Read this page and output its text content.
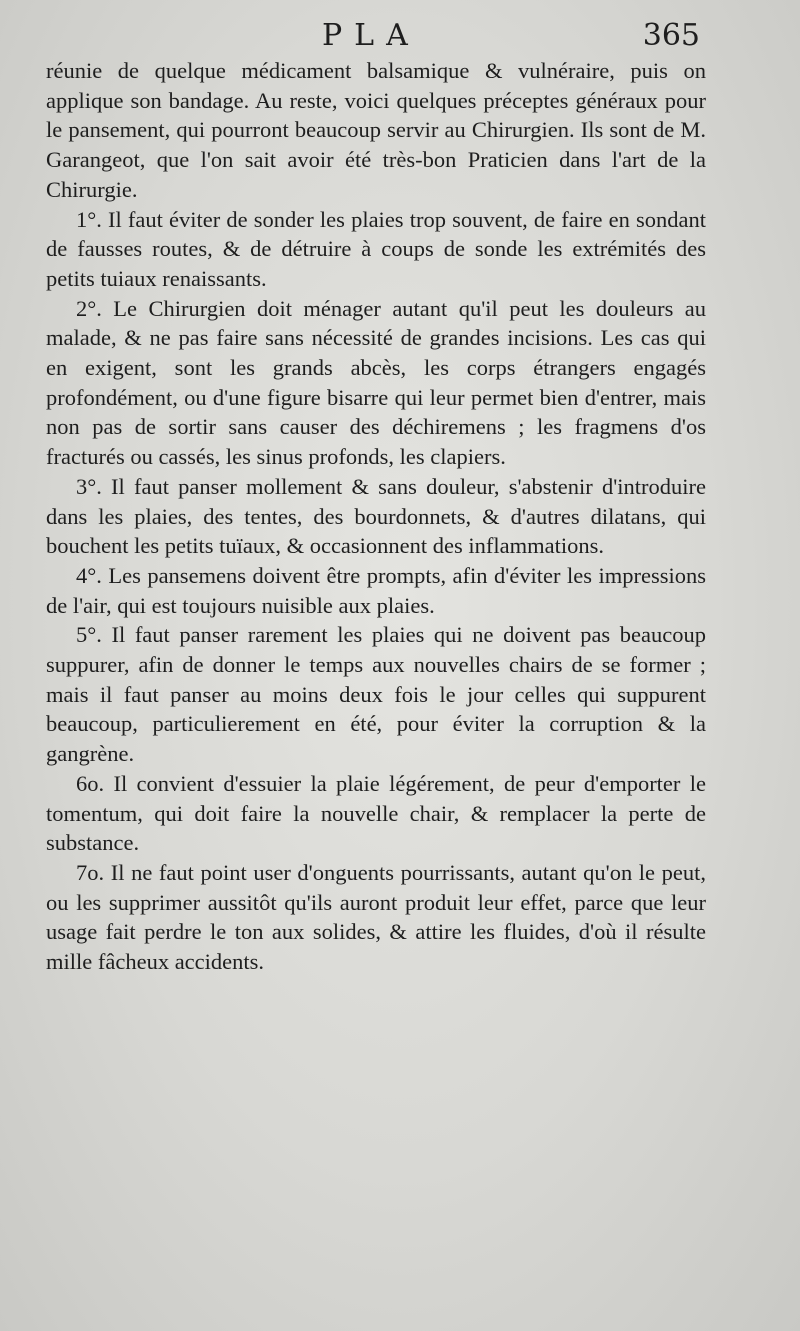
PLA	365

réunie de quelque médicament balsamique & vulnéraire, puis on applique son bandage. Au reste, voici quelques préceptes généraux pour le pansement, qui pourront beaucoup servir au Chirurgien. Ils sont de M. Garangeot, que l'on sait avoir été très-bon Praticien dans l'art de la Chirurgie.

1°. Il faut éviter de sonder les plaies trop souvent, de faire en sondant de fausses routes, & de détruire à coups de sonde les extrémités des petits tuiaux renaissants.

2°. Le Chirurgien doit ménager autant qu'il peut les douleurs au malade, & ne pas faire sans nécessité de grandes incisions. Les cas qui en exigent, sont les grands abcès, les corps étrangers engagés profondément, ou d'une figure bisarre qui leur permet bien d'entrer, mais non pas de sortir sans causer des déchiremens ; les fragmens d'os fracturés ou cassés, les sinus profonds, les clapiers.

3°. Il faut panser mollement & sans douleur, s'abstenir d'introduire dans les plaies, des tentes, des bourdonnets, & d'autres dilatans, qui bouchent les petits tuïaux, & occasionnent des inflammations.

4°. Les pansemens doivent être prompts, afin d'éviter les impressions de l'air, qui est toujours nuisible aux plaies.

5°. Il faut panser rarement les plaies qui ne doivent pas beaucoup suppurer, afin de donner le temps aux nouvelles chairs de se former ; mais il faut panser au moins deux fois le jour celles qui suppurent beaucoup, particulierement en été, pour éviter la corruption & la gangrène.

6o. Il convient d'essuier la plaie légérement, de peur d'emporter le tomentum, qui doit faire la nouvelle chair, & remplacer la perte de substance.

7o. Il ne faut point user d'onguents pourrissants, autant qu'on le peut, ou les supprimer aussitôt qu'ils auront produit leur effet, parce que leur usage fait perdre le ton aux solides, & attire les fluides, d'où il résulte mille fâcheux accidents.
